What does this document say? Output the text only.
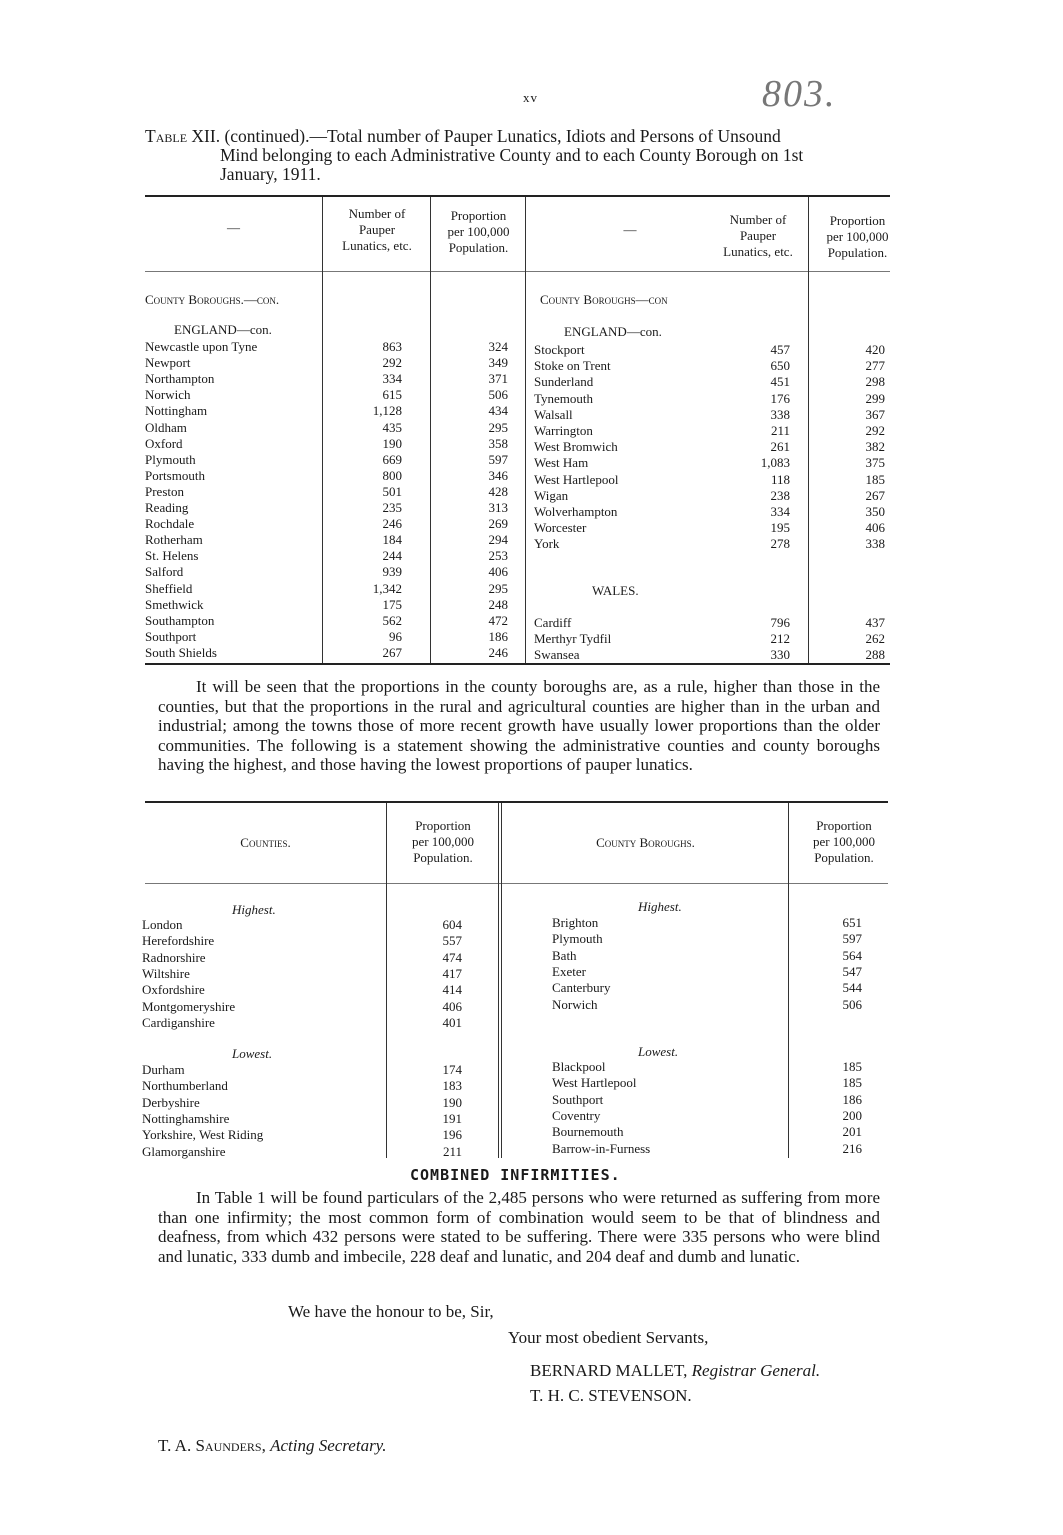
xv	803.
Table XII. (continued).—Total number of Pauper Lunatics, Idiots and Persons of Unsound
Mind belonging to each Administrative County and to each County Borough on 1st
January, 1911.
—
Number of
Pauper
Lunatics, etc.
Proportion
per 100,000
Population.
—
Number of
Pauper
Lunatics, etc.
Proportion
per 100,000
Population.
County Boroughs.—con.
ENGLAND—con.
County Boroughs—con
ENGLAND—con.
Newcastle upon Tyne	863	324
Newport	292	349
Northampton	334	371
Norwich	615	506
Nottingham	1,128	434
Oldham	435	295
Oxford	190	358
Plymouth	669	597
Portsmouth	800	346
Preston	501	428
Reading	235	313
Rochdale	246	269
Rotherham	184	294
St. Helens	244	253
Salford	939	406
Sheffield	1,342	295
Smethwick	175	248
Southampton	562	472
Southport	96	186
South Shields	267	246
Stockport	457	420
Stoke on Trent	650	277
Sunderland	451	298
Tynemouth	176	299
Walsall	338	367
Warrington	211	292
West Bromwich	261	382
West Ham	1,083	375
West Hartlepool	118	185
Wigan	238	267
Wolverhampton	334	350
Worcester	195	406
York	278	338
WALES.
Cardiff	796	437
Merthyr Tydfil	212	262
Swansea	330	288
It will be seen that the proportions in the county boroughs are, as a rule, higher than those in the counties, but that the proportions in the rural and agricultural counties are higher than in the urban and industrial; among the towns those of more recent growth have usually lower proportions than the older communities. The following is a statement showing the administrative counties and county boroughs having the highest, and those having the lowest proportions of pauper lunatics.
Counties.
Proportion
per 100,000
Population.
County Boroughs.
Proportion
per 100,000
Population.
Highest.
Lowest.
Highest.
Lowest.
London	604
Herefordshire	557
Radnorshire	474
Wiltshire	417
Oxfordshire	414
Montgomeryshire	406
Cardiganshire	401
Durham	174
Northumberland	183
Derbyshire	190
Nottinghamshire	191
Yorkshire, West Riding	196
Glamorganshire	211
Brighton	651
Plymouth	597
Bath	564
Exeter	547
Canterbury	544
Norwich	506
Blackpool	185
West Hartlepool	185
Southport	186
Coventry	200
Bournemouth	201
Barrow-in-Furness	216
COMBINED INFIRMITIES.
In Table 1 will be found particulars of the 2,485 persons who were returned as suffering from more than one infirmity; the most common form of combination would seem to be that of blindness and deafness, from which 432 persons were stated to be suffering. There were 335 persons who were blind and lunatic, 333 dumb and imbecile, 228 deaf and lunatic, and 204 deaf and dumb and lunatic.
We have the honour to be, Sir,
Your most obedient Servants,
BERNARD MALLET, Registrar General.
T. H. C. STEVENSON.
T. A. Saunders, Acting Secretary.
